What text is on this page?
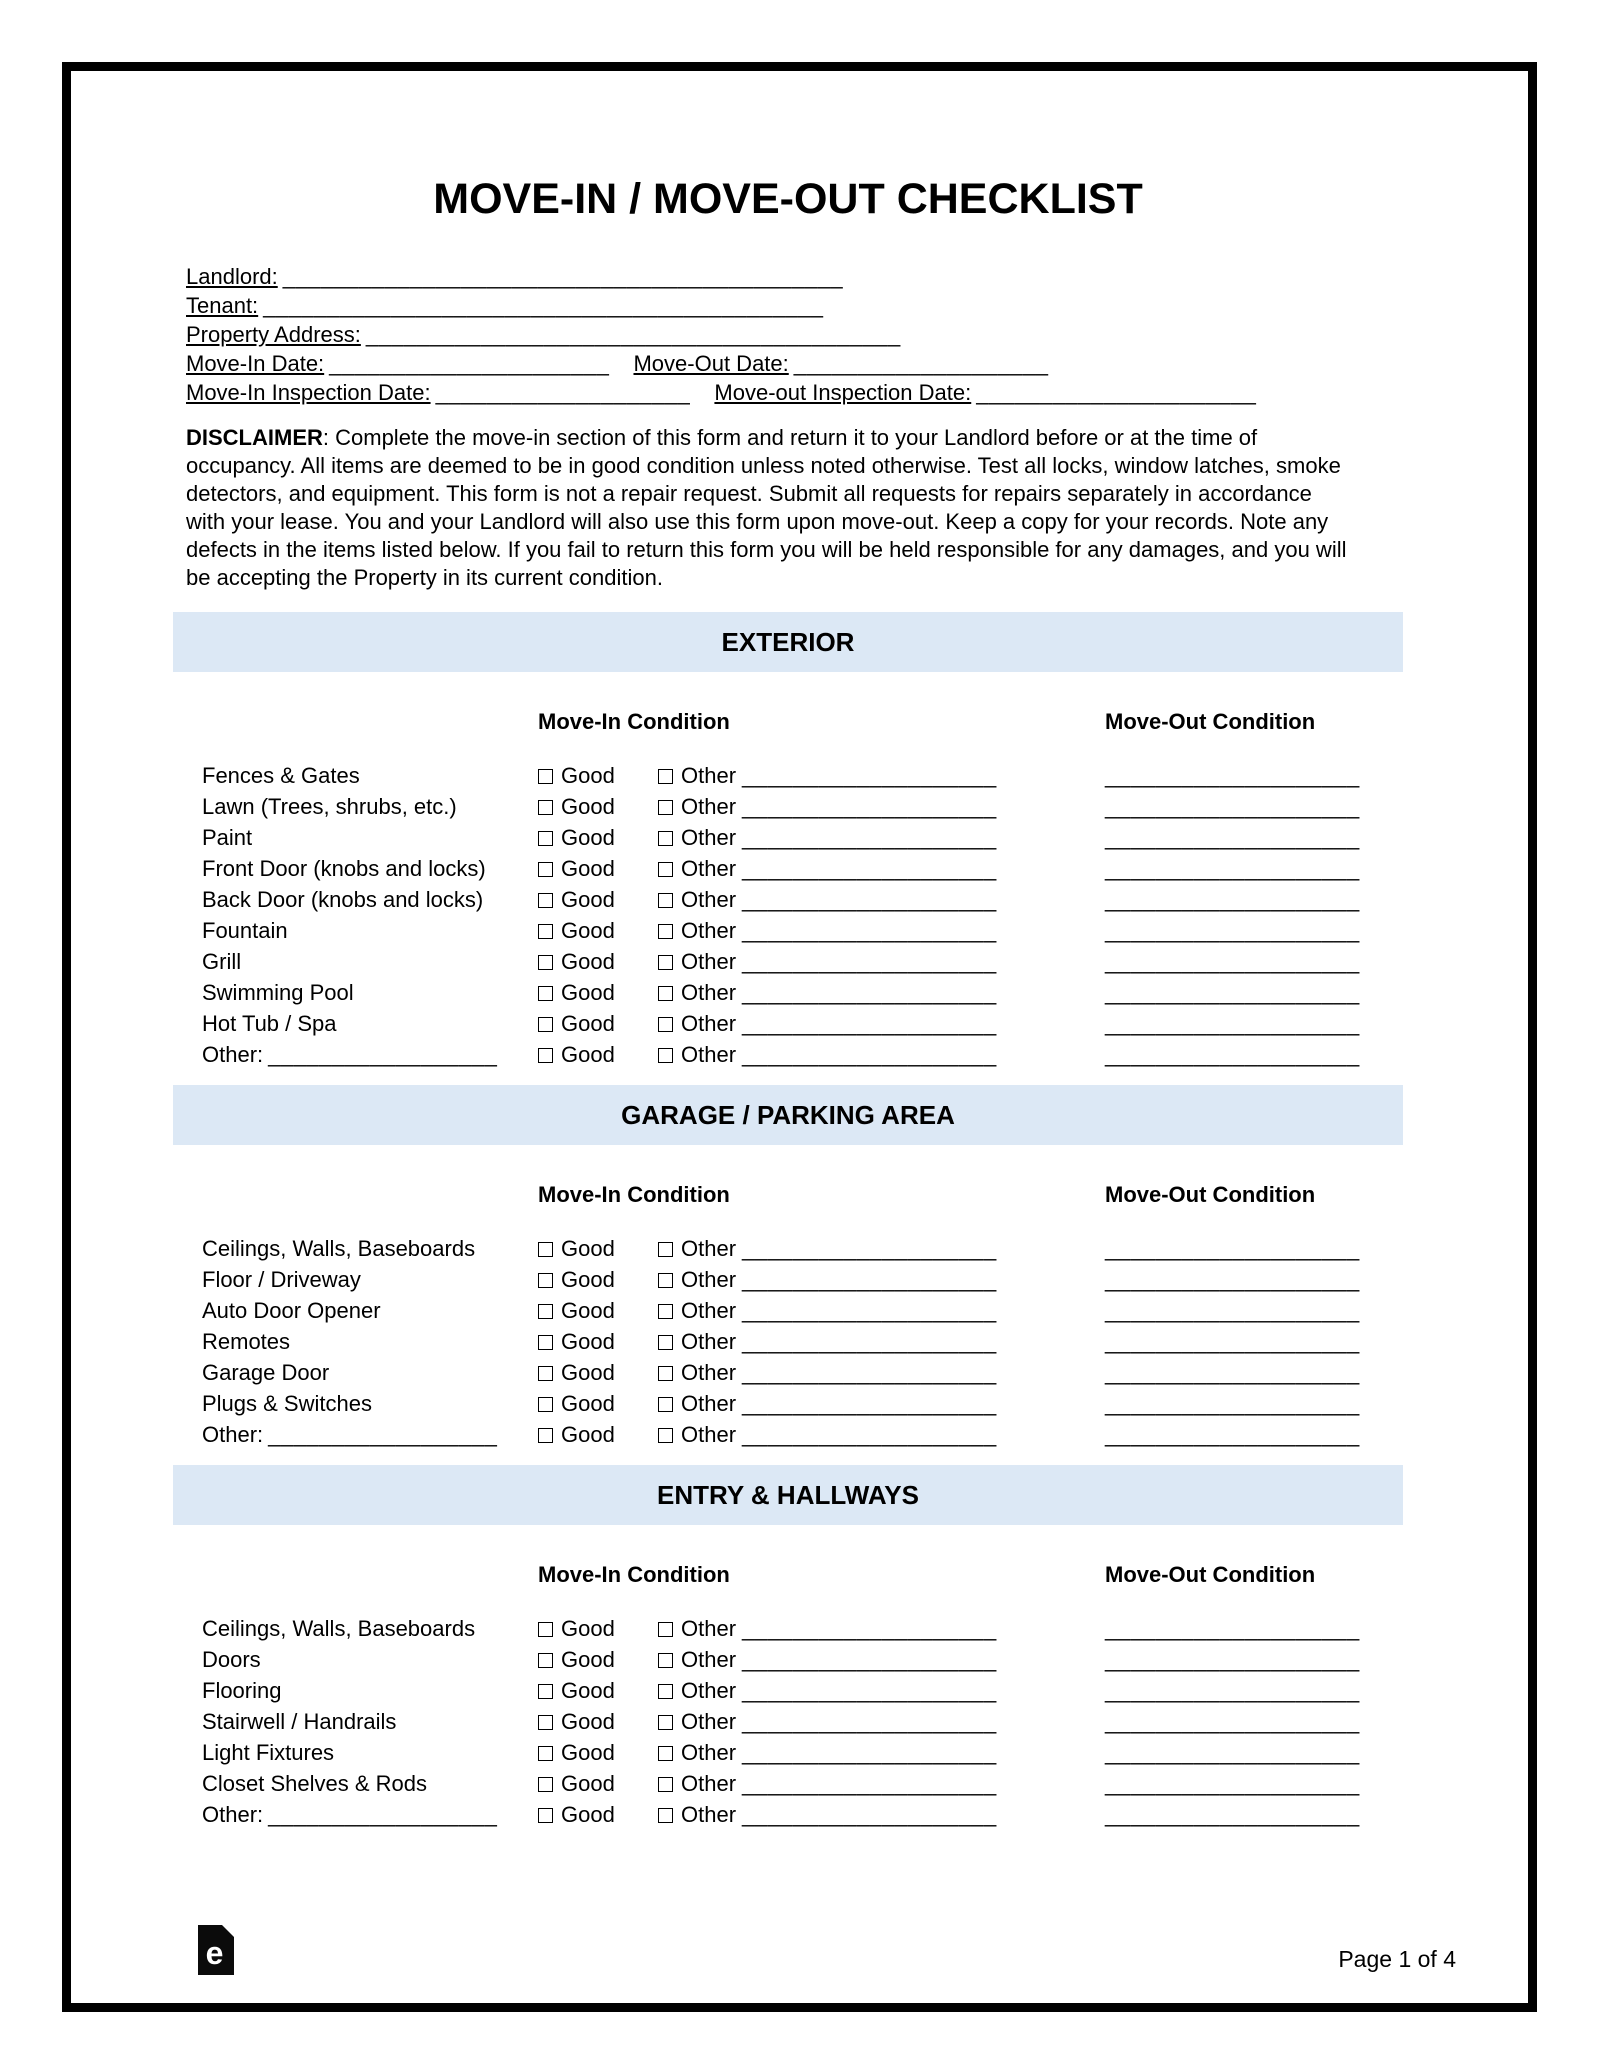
MOVE-IN / MOVE-OUT CHECKLIST
Landlord: ____________________________________________
Tenant: ____________________________________________
Property Address: __________________________________________
Move-In Date: ______________________ Move-Out Date: ____________________
Move-In Inspection Date: ____________________ Move-out Inspection Date: ______________________

DISCLAIMER: Complete the move-in section of this form and return it to your Landlord before or at the time of occupancy. All items are deemed to be in good condition unless noted otherwise. Test all locks, window latches, smoke detectors, and equipment. This form is not a repair request. Submit all requests for repairs separately in accordance with your lease. You and your Landlord will also use this form upon move-out. Keep a copy for your records. Note any defects in the items listed below. If you fail to return this form you will be held responsible for any damages, and you will be accepting the Property in its current condition.

EXTERIOR
Move-In Condition	Move-Out Condition
Fences & Gates	Good	Other ____________________	____________________
Lawn (Trees, shrubs, etc.)	Good	Other ____________________	____________________
Paint	Good	Other ____________________	____________________
Front Door (knobs and locks)	Good	Other ____________________	____________________
Back Door (knobs and locks)	Good	Other ____________________	____________________
Fountain	Good	Other ____________________	____________________
Grill	Good	Other ____________________	____________________
Swimming Pool	Good	Other ____________________	____________________
Hot Tub / Spa	Good	Other ____________________	____________________
Other: __________________	Good	Other ____________________	____________________
GARAGE / PARKING AREA
Move-In Condition	Move-Out Condition
Ceilings, Walls, Baseboards	Good	Other ____________________	____________________
Floor / Driveway	Good	Other ____________________	____________________
Auto Door Opener	Good	Other ____________________	____________________
Remotes	Good	Other ____________________	____________________
Garage Door	Good	Other ____________________	____________________
Plugs & Switches	Good	Other ____________________	____________________
Other: __________________	Good	Other ____________________	____________________
ENTRY & HALLWAYS
Move-In Condition	Move-Out Condition
Ceilings, Walls, Baseboards	Good	Other ____________________	____________________
Doors	Good	Other ____________________	____________________
Flooring	Good	Other ____________________	____________________
Stairwell / Handrails	Good	Other ____________________	____________________
Light Fixtures	Good	Other ____________________	____________________
Closet Shelves & Rods	Good	Other ____________________	____________________
Other: __________________	Good	Other ____________________	____________________
e	Page 1 of 4
